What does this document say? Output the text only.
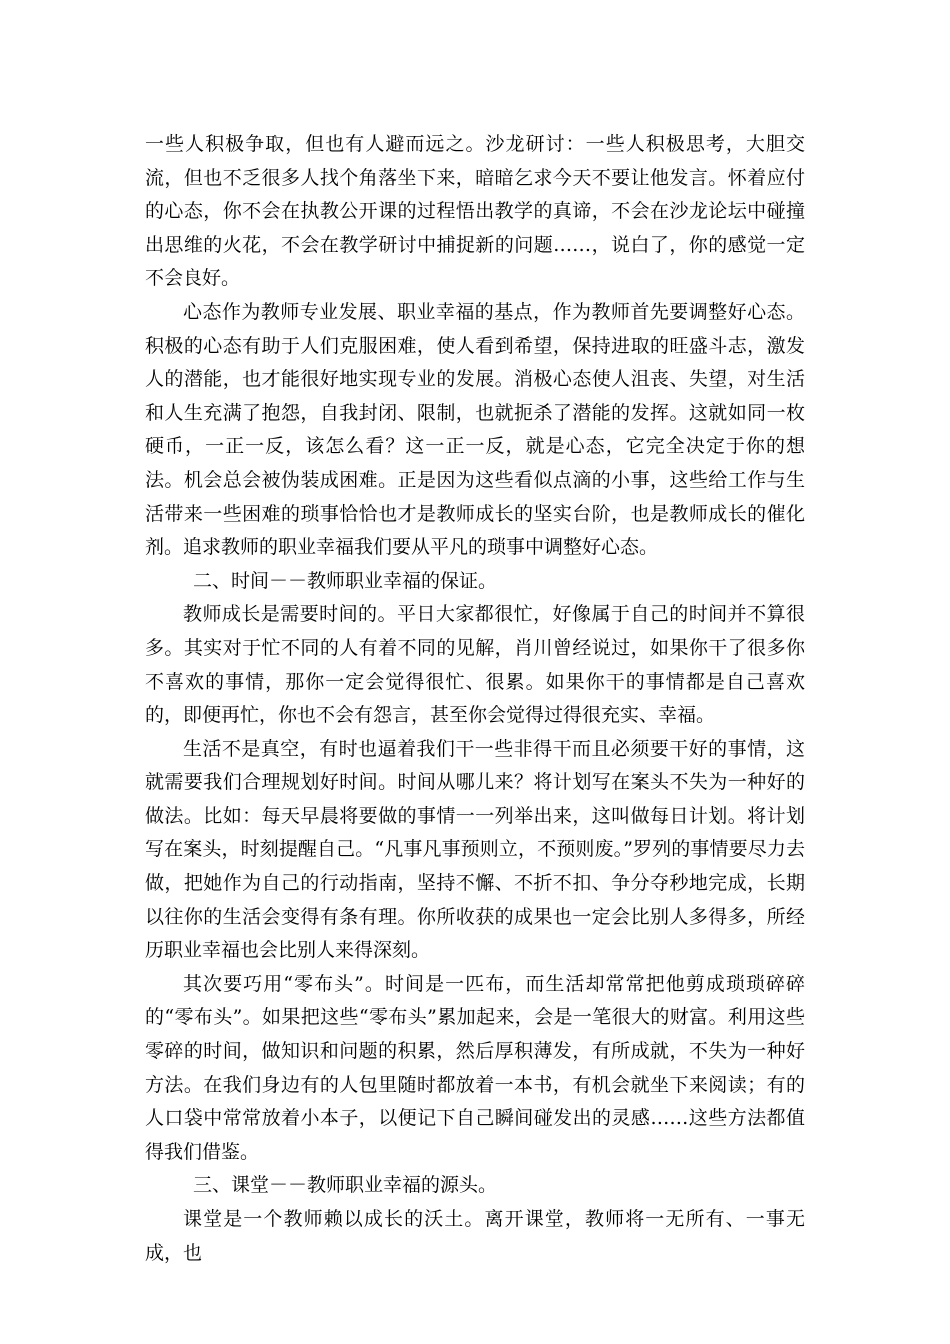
一些人积极争取，但也有人避而远之。沙龙研讨：一些人积极思考，大胆交流，但也不乏很多人找个角落坐下来，暗暗乞求今天不要让他发言。怀着应付的心态，你不会在执教公开课的过程悟出教学的真谛，不会在沙龙论坛中碰撞出思维的火花，不会在教学研讨中捕捉新的问题……，说白了，你的感觉一定不会良好。

心态作为教师专业发展、职业幸福的基点，作为教师首先要调整好心态。积极的心态有助于人们克服困难，使人看到希望，保持进取的旺盛斗志，激发人的潜能，也才能很好地实现专业的发展。消极心态使人沮丧、失望，对生活和人生充满了抱怨，自我封闭、限制，也就扼杀了潜能的发挥。这就如同一枚硬币，一正一反，该怎么看？这一正一反，就是心态，它完全决定于你的想法。机会总会被伪装成困难。正是因为这些看似点滴的小事，这些给工作与生活带来一些困难的琐事恰恰也才是教师成长的坚实台阶，也是教师成长的催化剂。追求教师的职业幸福我们要从平凡的琐事中调整好心态。

二、时间－－教师职业幸福的保证。

教师成长是需要时间的。平日大家都很忙，好像属于自己的时间并不算很多。其实对于忙不同的人有着不同的见解，肖川曾经说过，如果你干了很多你不喜欢的事情，那你一定会觉得很忙、很累。如果你干的事情都是自己喜欢的，即便再忙，你也不会有怨言，甚至你会觉得过得很充实、幸福。

生活不是真空，有时也逼着我们干一些非得干而且必须要干好的事情，这就需要我们合理规划好时间。时间从哪儿来？将计划写在案头不失为一种好的做法。比如：每天早晨将要做的事情一一列举出来，这叫做每日计划。将计划写在案头，时刻提醒自己。“凡事凡事预则立，不预则废。”罗列的事情要尽力去做，把她作为自己的行动指南，坚持不懈、不折不扣、争分夺秒地完成，长期以往你的生活会变得有条有理。你所收获的成果也一定会比别人多得多，所经历职业幸福也会比别人来得深刻。

其次要巧用“零布头”。时间是一匹布，而生活却常常把他剪成琐琐碎碎的“零布头”。如果把这些“零布头”累加起来，会是一笔很大的财富。利用这些零碎的时间，做知识和问题的积累，然后厚积薄发，有所成就，不失为一种好方法。在我们身边有的人包里随时都放着一本书，有机会就坐下来阅读；有的人口袋中常常放着小本子，以便记下自己瞬间碰发出的灵感……这些方法都值得我们借鉴。

三、课堂－－教师职业幸福的源头。

课堂是一个教师赖以成长的沃土。离开课堂，教师将一无所有、一事无成，也
